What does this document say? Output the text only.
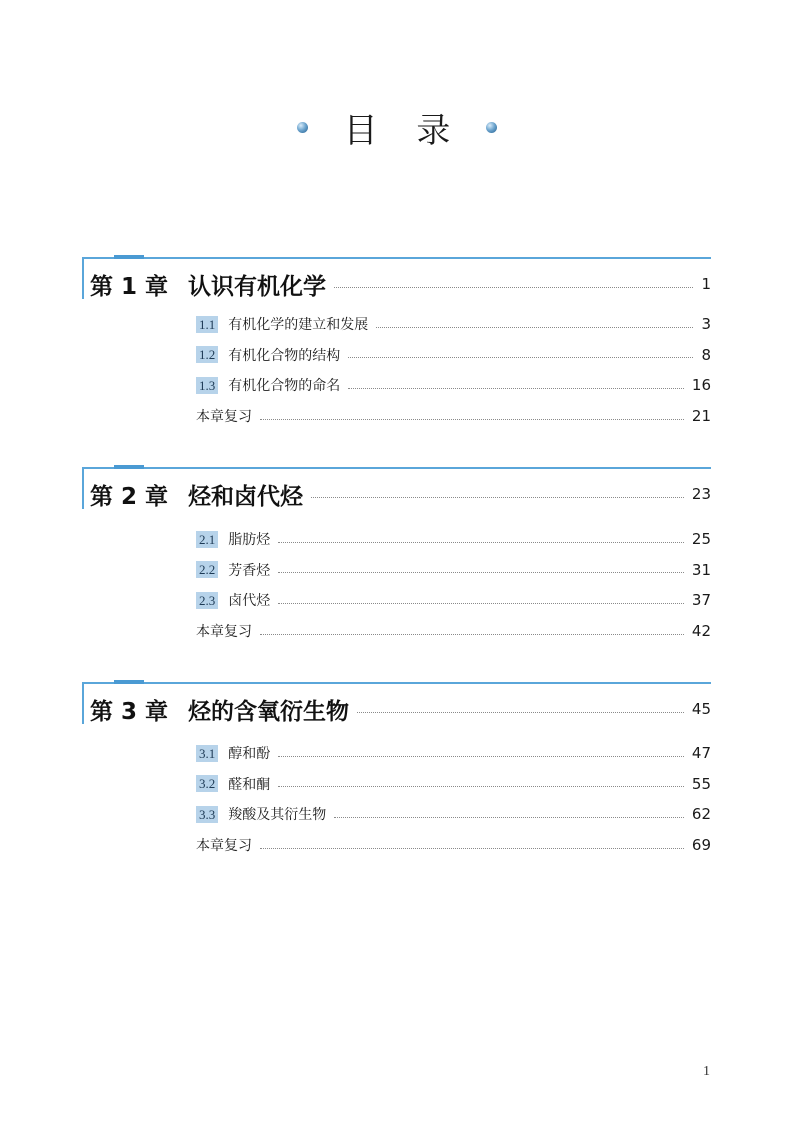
目 录
第 1 章 认识有机化学	1
1.1 有机化学的建立和发展	3
1.2 有机化合物的结构	8
1.3 有机化合物的命名	16
本章复习	21
第 2 章 烃和卤代烃	23
2.1 脂肪烃	25
2.2 芳香烃	31
2.3 卤代烃	37
本章复习	42
第 3 章 烃的含氧衍生物	45
3.1 醇和酚	47
3.2 醛和酮	55
3.3 羧酸及其衍生物	62
本章复习	69
1
